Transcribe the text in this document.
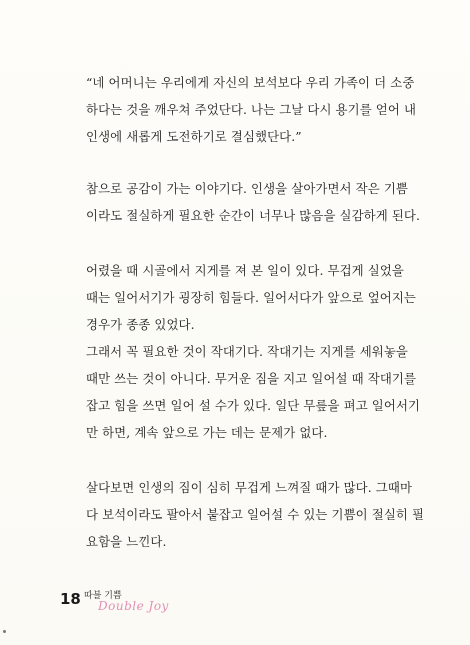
“네 어머니는 우리에게 자신의 보석보다 우리 가족이 더 소중
하다는 것을 깨우쳐 주었단다. 나는 그날 다시 용기를 얻어 내
인생에 새롭게 도전하기로 결심했단다.”
참으로 공감이 가는 이야기다. 인생을 살아가면서 작은 기쁨
이라도 절실하게 필요한 순간이 너무나 많음을 실감하게 된다.
어렸을 때 시골에서 지게를 져 본 일이 있다. 무겁게 실었을
때는 일어서기가 굉장히 힘들다. 일어서다가 앞으로 엎어지는
경우가 종종 있었다.
그래서 꼭 필요한 것이 작대기다. 작대기는 지게를 세워놓을
때만 쓰는 것이 아니다. 무거운 짐을 지고 일어설 때 작대기를
잡고 힘을 쓰면 일어 설 수가 있다. 일단 무릎을 펴고 일어서기
만 하면, 계속 앞으로 가는 데는 문제가 없다.
살다보면 인생의 짐이 심히 무겁게 느껴질 때가 많다. 그때마
다 보석이라도 팔아서 붙잡고 일어설 수 있는 기쁨이 절실히 필
요함을 느낀다.
18 따블 기쁨
Double Joy
